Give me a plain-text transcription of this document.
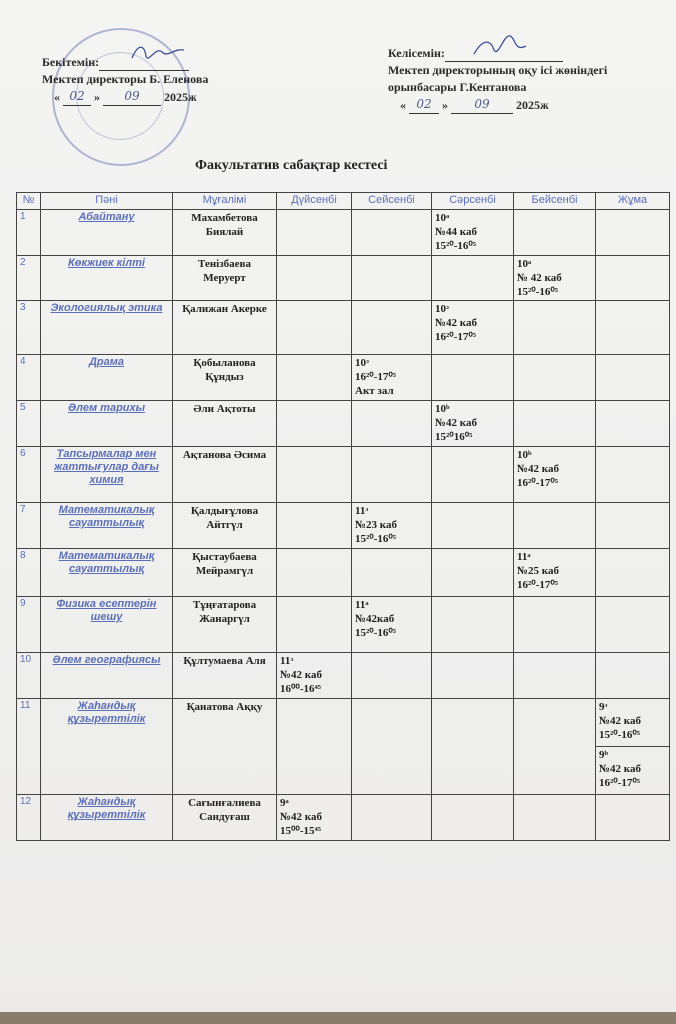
Бекітемін:
Мектеп директоры Б. Еленова
« 02 » 09 2025ж
Келісемін:
Мектеп директорының оқу ісі жөніндегі
орынбасары Г.Кентанова
« 02 » 09 2025ж
Факультатив сабақтар кестесі
№	Пәні	Мұғалімі	Дүйсенбі	Сейсенбі	Сәрсенбі	Бейсенбі	Жұма
1	Абайтану	Махамбетова Биялай			10ᵃ
№44 каб
15²⁰-16⁰⁵		

2	Көкжиек кілті	Тенізбаева Меруерт				10ᵃ
№ 42 каб
15²⁰-16⁰⁵	

3	Экологиялық этика	Қалижан Акерке			10ᵓ
№42 каб
16²⁰-17⁰⁵		

4	Драма	Қобыланова Құндыз		10ᵓ
16²⁰-17⁰⁵
Акт зал			

5	Әлем тарихы	Әли Ақтоты			10ᵇ
№42 каб
15²⁰16⁰⁵		

6	Тапсырмалар мен жаттығулар дағы химия	Ақтанова Әсима				10ᵇ
№42 каб
16²⁰-17⁰⁵	

7	Математикалық сауаттылық	Қалдығұлова Айтгүл		11ᵓ
№23 каб
15²⁰-16⁰⁵			

8	Математикалық сауаттылық	Қыстаубаева Мейрамгүл				11ᵃ
№25 каб
16²⁰-17⁰⁵	

9	Физика есептерін шешу	Тұңғатарова Жанаргүл		11ᵃ
№42каб
15²⁰-16⁰⁵			

10	Әлем географиясы	Құлтумаева Аля	11ᵓ
№42 каб
16⁰⁰-16⁴⁵				

11	Жаһандық құзыреттілік	Қанатова Аққу					9ᵓ
№42 каб
15²⁰-16⁰⁵

							9ᵇ
№42 каб
16²⁰-17⁰⁵

12	Жаһандық құзыреттілік	Сағынғалиева Сандуғаш	9ᵃ
№42 каб
15⁰⁰-15⁴⁵				
